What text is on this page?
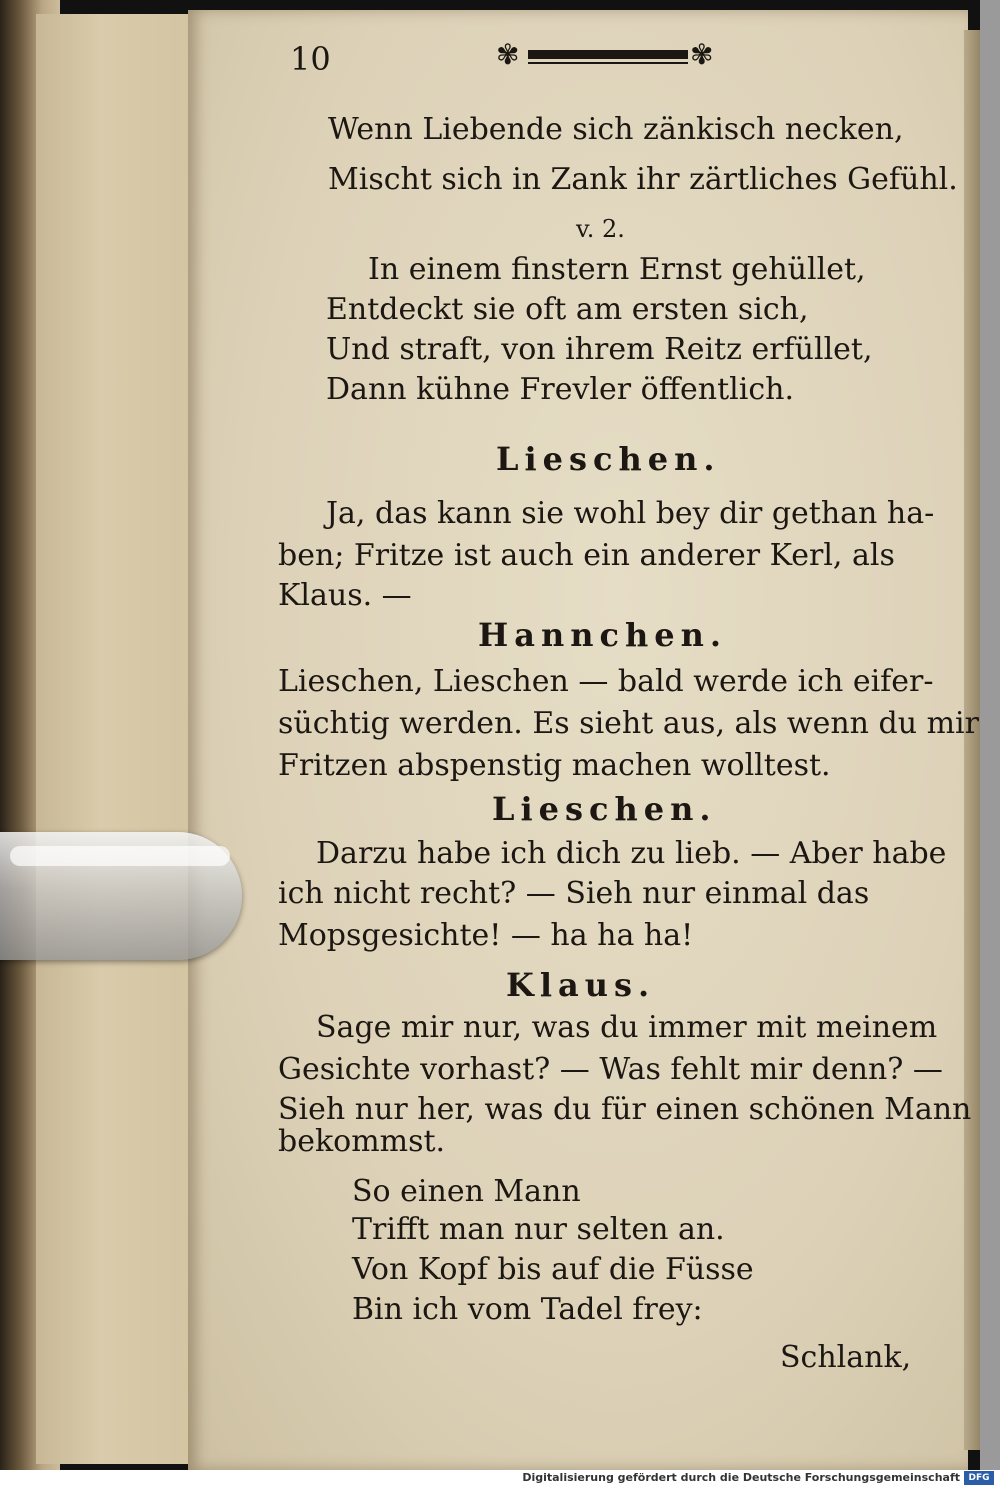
10	✾	✾
Wenn Liebende sich zänkisch necken,
Mischt sich in Zank ihr zärtliches Gefühl.
v. 2.
In einem finstern Ernst gehüllet,
Entdeckt sie oft am ersten sich,
Und straft, von ihrem Reitz erfüllet,
Dann kühne Frevler öffentlich.
Lieschen.
Ja, das kann sie wohl bey dir gethan ha-
ben; Fritze ist auch ein anderer Kerl, als
Klaus. —
Hannchen.
Lieschen, Lieschen — bald werde ich eifer-
süchtig werden. Es sieht aus, als wenn du mir
Fritzen abspenstig machen wolltest.
Lieschen.
Darzu habe ich dich zu lieb. — Aber habe
ich nicht recht? — Sieh nur einmal das
Mopsgesichte! — ha ha ha!
Klaus.
Sage mir nur, was du immer mit meinem
Gesichte vorhast? — Was fehlt mir denn? —
Sieh nur her, was du für einen schönen Mann
bekommst.
So einen Mann
Trifft man nur selten an.
Von Kopf bis auf die Füsse
Bin ich vom Tadel frey:
Schlank,
Digitalisierung gefördert durch die Deutsche Forschungsgemeinschaft DFG
